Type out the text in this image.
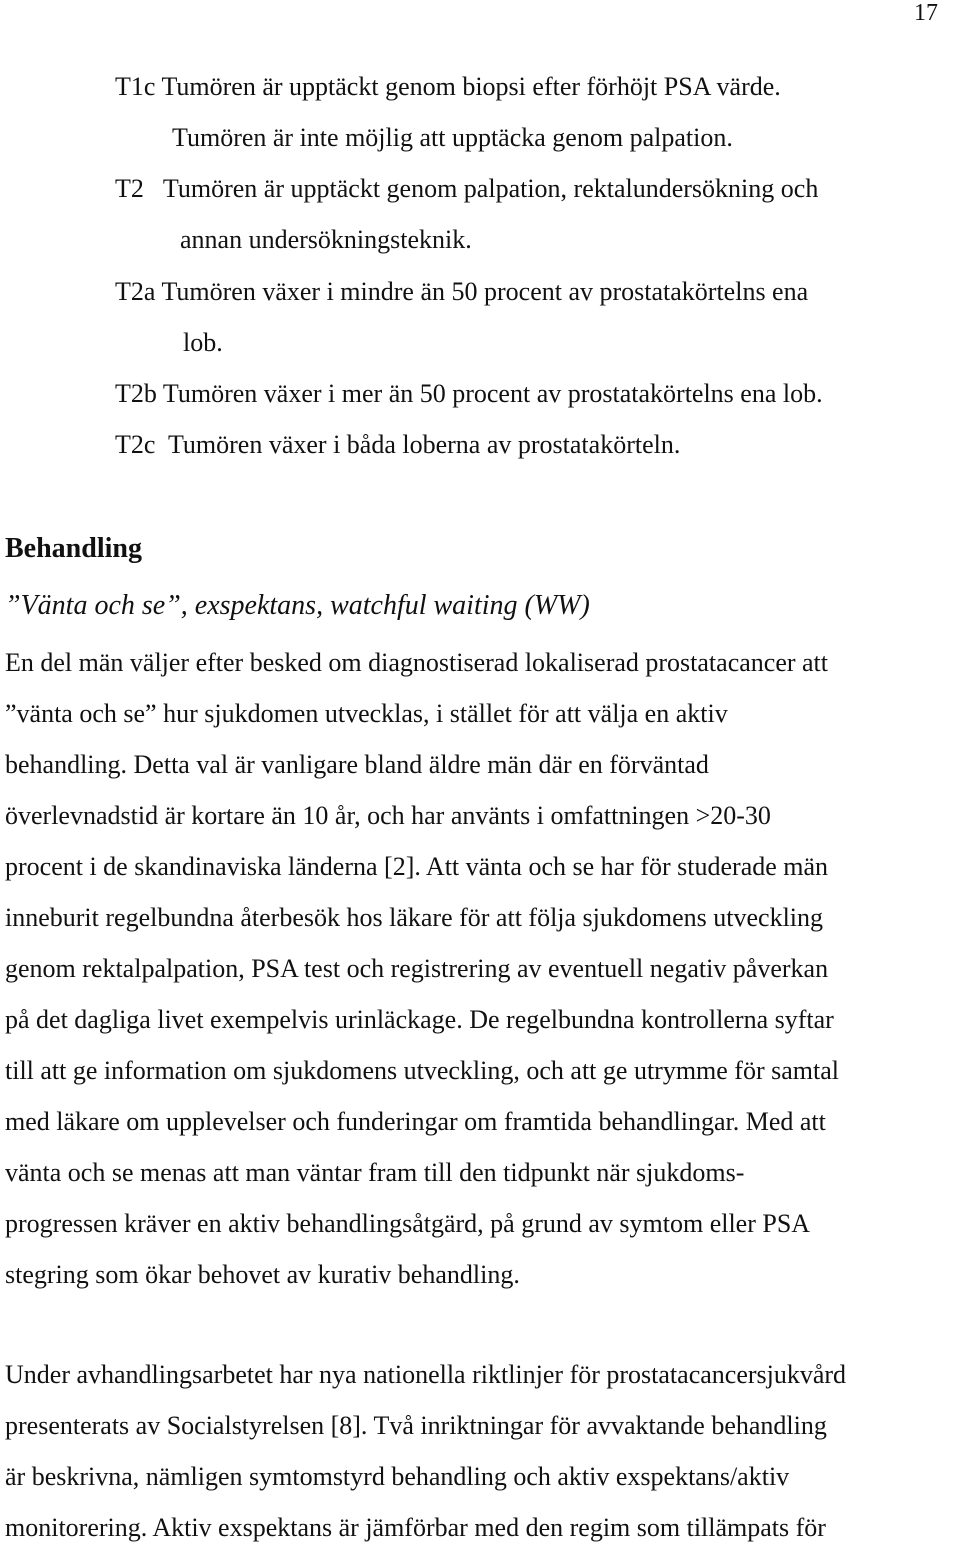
17
T1c Tumören är upptäckt genom biopsi efter förhöjt PSA värde.
Tumören är inte möjlig att upptäcka genom palpation.
T2 Tumören är upptäckt genom palpation, rektalundersökning och
annan undersökningsteknik.
T2a Tumören växer i mindre än 50 procent av prostatakörtelns ena
lob.
T2b Tumören växer i mer än 50 procent av prostatakörtelns ena lob.
T2c Tumören växer i båda loberna av prostatakörteln.
Behandling
”Vänta och se”, exspektans, watchful waiting (WW)
En del män väljer efter besked om diagnostiserad lokaliserad prostatacancer att
”vänta och se” hur sjukdomen utvecklas, i stället för att välja en aktiv
behandling. Detta val är vanligare bland äldre män där en förväntad
överlevnadstid är kortare än 10 år, och har använts i omfattningen >20-30
procent i de skandinaviska länderna [2]. Att vänta och se har för studerade män
inneburit regelbundna återbesök hos läkare för att följa sjukdomens utveckling
genom rektalpalpation, PSA test och registrering av eventuell negativ påverkan
på det dagliga livet exempelvis urinläckage. De regelbundna kontrollerna syftar
till att ge information om sjukdomens utveckling, och att ge utrymme för samtal
med läkare om upplevelser och funderingar om framtida behandlingar. Med att
vänta och se menas att man väntar fram till den tidpunkt när sjukdoms-
progressen kräver en aktiv behandlingsåtgärd, på grund av symtom eller PSA
stegring som ökar behovet av kurativ behandling.
Under avhandlingsarbetet har nya nationella riktlinjer för prostatacancersjukvård
presenterats av Socialstyrelsen [8]. Två inriktningar för avvaktande behandling
är beskrivna, nämligen symtomstyrd behandling och aktiv exspektans/aktiv
monitorering. Aktiv exspektans är jämförbar med den regim som tillämpats för
